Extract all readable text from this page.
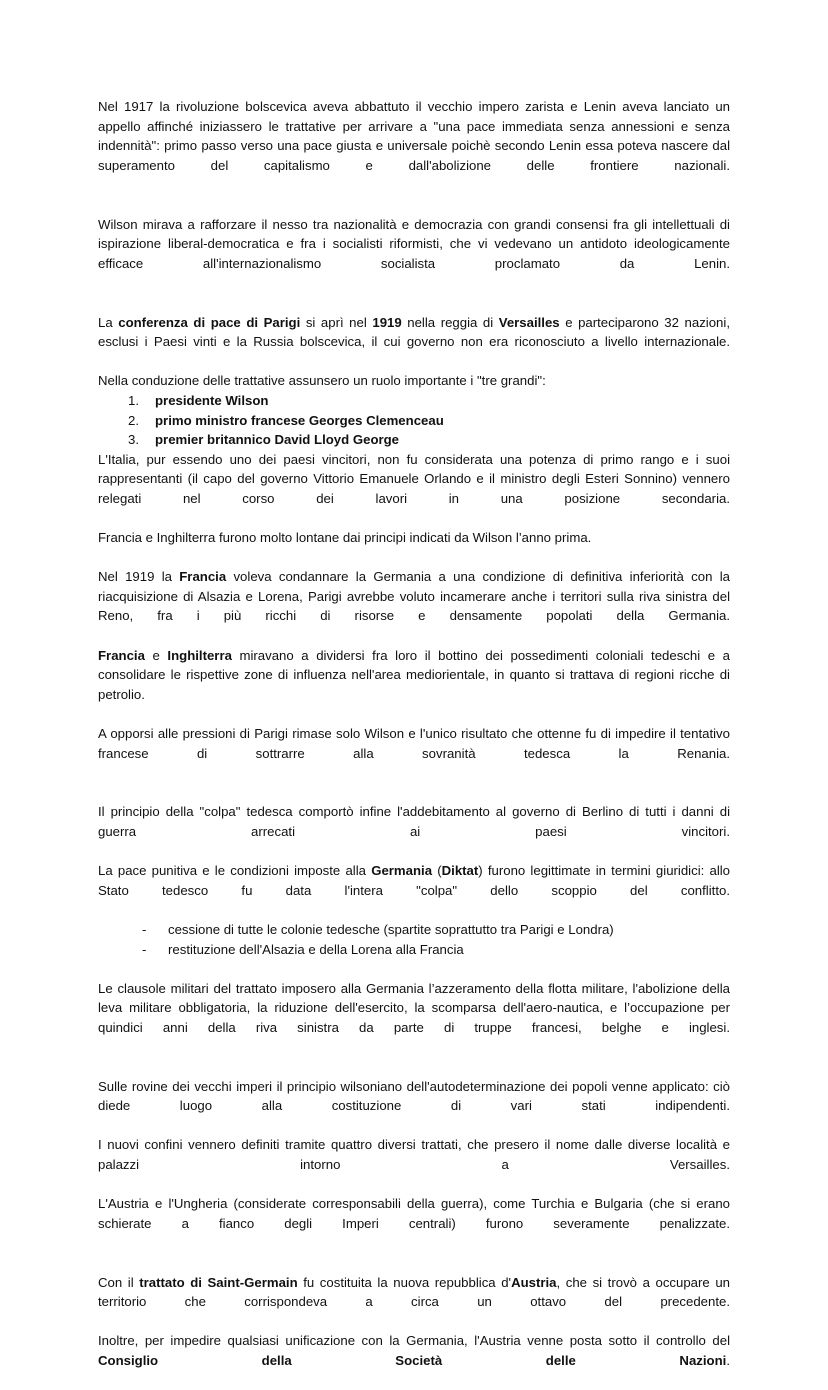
Nel 1917 la rivoluzione bolscevica aveva abbattuto il vecchio impero zarista e Lenin aveva lanciato un appello affinché iniziassero le trattative per arrivare a "una pace immediata senza annessioni e senza indennità": primo passo verso una pace giusta e universale poichè secondo Lenin essa poteva nascere dal superamento del capitalismo e dall'abolizione delle frontiere nazionali.

Wilson mirava a rafforzare il nesso tra nazionalità e democrazia con grandi consensi fra gli intellettuali di ispirazione liberal-democratica e fra i socialisti riformisti, che vi vedevano un antidoto ideologicamente efficace all'internazionalismo socialista proclamato da Lenin.

La conferenza di pace di Parigi si aprì nel 1919 nella reggia di Versailles e parteciparono 32 nazioni, esclusi i Paesi vinti e la Russia bolscevica, il cui governo non era riconosciuto a livello internazionale.

Nella conduzione delle trattative assunsero un ruolo importante i "tre grandi":

presidente Wilson
primo ministro francese Georges Clemenceau
premier britannico David Lloyd George

L'Italia, pur essendo uno dei paesi vincitori, non fu considerata una potenza di primo rango e i suoi rappresentanti (il capo del governo Vittorio Emanuele Orlando e il ministro degli Esteri Sonnino) vennero relegati nel corso dei lavori in una posizione secondaria.

Francia e Inghilterra furono molto lontane dai principi indicati da Wilson l’anno prima.

Nel 1919 la Francia voleva condannare la Germania a una condizione di definitiva inferiorità con la riacquisizione di Alsazia e Lorena, Parigi avrebbe voluto incamerare anche i territori sulla riva sinistra del Reno, fra i più ricchi di risorse e densamente popolati della Germania.

Francia e Inghilterra miravano a dividersi fra loro il bottino dei possedimenti coloniali tedeschi e a consolidare le rispettive zone di influenza nell'area mediorientale, in quanto si trattava di regioni ricche di petrolio.

A opporsi alle pressioni di Parigi rimase solo Wilson e l'unico risultato che ottenne fu di impedire il tentativo francese di sottrarre alla sovranità tedesca la Renania.

Il principio della "colpa" tedesca comportò infine l'addebitamento al governo di Berlino di tutti i danni di guerra arrecati ai paesi vincitori.

La pace punitiva e le condizioni imposte alla Germania (Diktat) furono legittimate in termini giuridici: allo Stato tedesco fu data l'intera "colpa" dello scoppio del conflitto.

- cessione di tutte le colonie tedesche (spartite soprattutto tra Parigi e Londra)
- restituzione dell'Alsazia e della Lorena alla Francia

Le clausole militari del trattato imposero alla Germania l’azzeramento della flotta militare, l'abolizione della leva militare obbligatoria, la riduzione dell'esercito, la scomparsa dell'aero-nautica, e l’occupazione per quindici anni della riva sinistra da parte di truppe francesi, belghe e inglesi.

Sulle rovine dei vecchi imperi il principio wilsoniano dell'autodeterminazione dei popoli venne applicato: ciò diede luogo alla costituzione di vari stati indipendenti.

I nuovi confini vennero definiti tramite quattro diversi trattati, che presero il nome dalle diverse località e palazzi intorno a Versailles.

L'Austria e l'Ungheria (considerate corresponsabili della guerra), come Turchia e Bulgaria (che si erano schierate a fianco degli Imperi centrali) furono severamente penalizzate.

Con il trattato di Saint-Germain fu costituita la nuova repubblica d'Austria, che si trovò a occupare un territorio che corrispondeva a circa un ottavo del precedente.

Inoltre, per impedire qualsiasi unificazione con la Germania, l'Austria venne posta sotto il controllo del Consiglio della Società delle Nazioni.
